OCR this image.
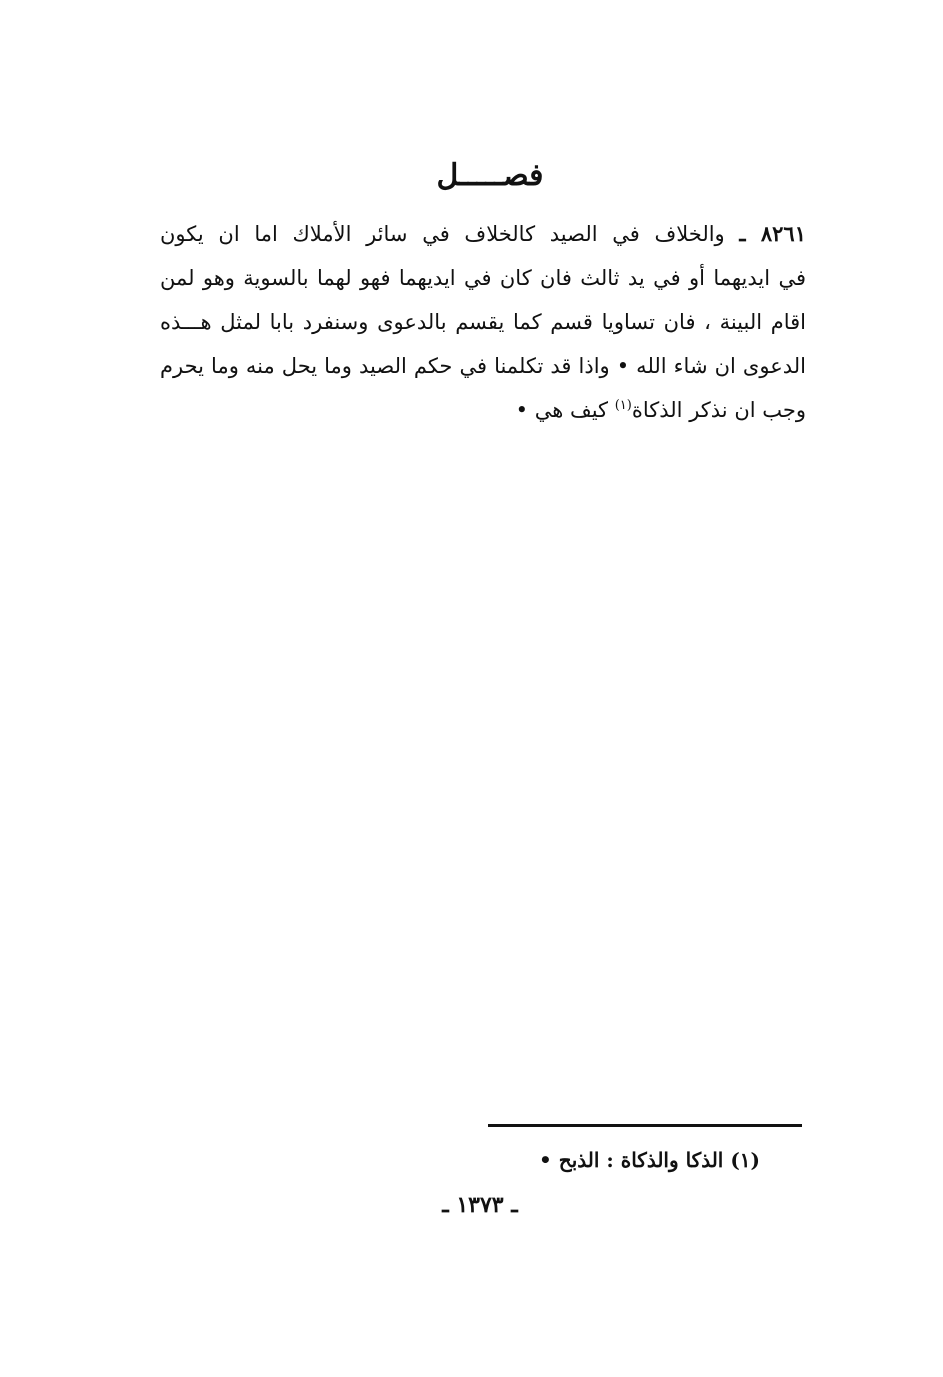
فصـــــل
٨٢٦١ ـ والخلاف في الصيد كالخلاف في سائر الأملاك اما ان يكون
في ايديهما أو في يد ثالث فان كان في ايديهما فهو لهما بالسوية وهو لمن
اقام البينة ، فان تساويا قسم كما يقسم بالدعوى وسنفرد بابا لمثل هـــذه
الدعوى ان شاء الله • واذا قد تكلمنا في حكم الصيد وما يحل منه وما يحرم
وجب ان نذكر الذكاة$^{(١)}$ كيف هي •
(١) الذكا والذكاة : الذبح •
ـ ١٣٧٣ ـ
